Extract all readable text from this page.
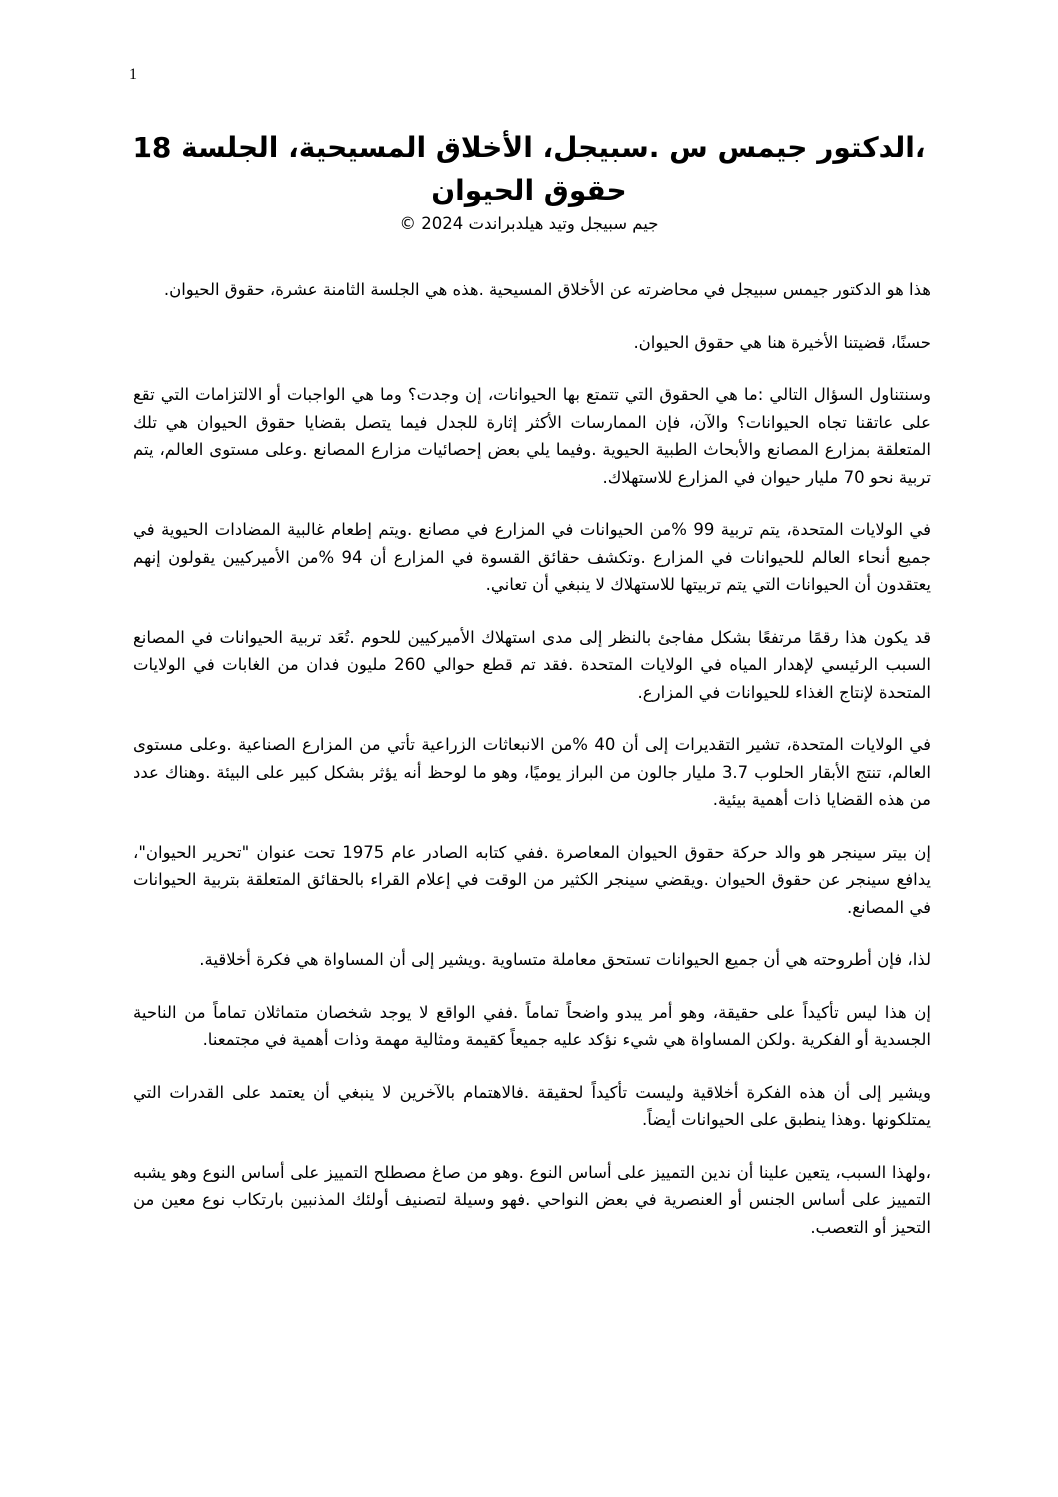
1
،الدكتور جيمس س .سبيجل، الأخلاق المسيحية، الجلسة 18 حقوق الحيوان

جيم سبيجل وتيد هيلدبراندت 2024 ©

هذا هو الدكتور جيمس سبيجل في محاضرته عن الأخلاق المسيحية .هذه هي الجلسة الثامنة عشرة، حقوق الحيوان.

حسنًا، قضيتنا الأخيرة هنا هي حقوق الحيوان.

وسنتناول السؤال التالي :ما هي الحقوق التي تتمتع بها الحيوانات، إن وجدت؟ وما هي الواجبات أو الالتزامات التي تقع على عاتقنا تجاه الحيوانات؟ والآن، فإن الممارسات الأكثر إثارة للجدل فيما يتصل بقضايا حقوق الحيوان هي تلك المتعلقة بمزارع المصانع والأبحاث الطبية الحيوية .وفيما يلي بعض إحصائيات مزارع المصانع .وعلى مستوى العالم، يتم تربية نحو 70 مليار حيوان في المزارع للاستهلاك.

في الولايات المتحدة، يتم تربية 99 %من الحيوانات في المزارع في مصانع .ويتم إطعام غالبية المضادات الحيوية في جميع أنحاء العالم للحيوانات في المزارع .وتكشف حقائق القسوة في المزارع أن 94 %من الأميركيين يقولون إنهم يعتقدون أن الحيوانات التي يتم تربيتها للاستهلاك لا ينبغي أن تعاني.

قد يكون هذا رقمًا مرتفعًا بشكل مفاجئ بالنظر إلى مدى استهلاك الأميركيين للحوم .تُعَد تربية الحيوانات في المصانع السبب الرئيسي لإهدار المياه في الولايات المتحدة .فقد تم قطع حوالي 260 مليون فدان من الغابات في الولايات المتحدة لإنتاج الغذاء للحيوانات في المزارع.

في الولايات المتحدة، تشير التقديرات إلى أن 40 %من الانبعاثات الزراعية تأتي من المزارع الصناعية .وعلى مستوى العالم، تنتج الأبقار الحلوب 3.7 مليار جالون من البراز يوميًا، وهو ما لوحظ أنه يؤثر بشكل كبير على البيئة .وهناك عدد من هذه القضايا ذات أهمية بيئية.

إن بيتر سينجر هو والد حركة حقوق الحيوان المعاصرة .ففي كتابه الصادر عام 1975 تحت عنوان "تحرير الحيوان"، يدافع سينجر عن حقوق الحيوان .ويقضي سينجر الكثير من الوقت في إعلام القراء بالحقائق المتعلقة بتربية الحيوانات في المصانع.

لذا، فإن أطروحته هي أن جميع الحيوانات تستحق معاملة متساوية .ويشير إلى أن المساواة هي فكرة أخلاقية.

إن هذا ليس تأكيداً على حقيقة، وهو أمر يبدو واضحاً تماماً .ففي الواقع لا يوجد شخصان متماثلان تماماً من الناحية الجسدية أو الفكرية .ولكن المساواة هي شيء نؤكد عليه جميعاً كقيمة ومثالية مهمة وذات أهمية في مجتمعنا.

ويشير إلى أن هذه الفكرة أخلاقية وليست تأكيداً لحقيقة .فالاهتمام بالآخرين لا ينبغي أن يعتمد على القدرات التي يمتلكونها .وهذا ينطبق على الحيوانات أيضاً.

،ولهذا السبب، يتعين علينا أن ندين التمييز على أساس النوع .وهو من صاغ مصطلح التمييز على أساس النوع وهو يشبه التمييز على أساس الجنس أو العنصرية في بعض النواحي .فهو وسيلة لتصنيف أولئك المذنبين بارتكاب نوع معين من التحيز أو التعصب.
